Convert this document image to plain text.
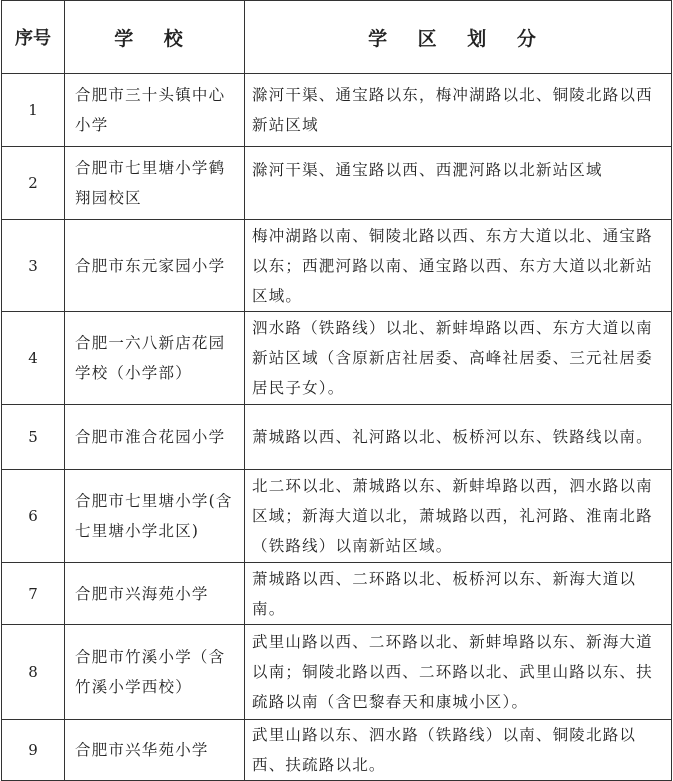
序号	学 校	学 区 划 分
1	合肥市三十头镇中心小学	滁河干渠、通宝路以东，梅冲湖路以北、铜陵北路以西新站区域
2	合肥市七里塘小学鹤翔园校区	滁河干渠、通宝路以西、西淝河路以北新站区域
3	合肥市东元家园小学	梅冲湖路以南、铜陵北路以西、东方大道以北、通宝路以东；西淝河路以南、通宝路以西、东方大道以北新站区域。
4	合肥一六八新店花园学校（小学部）	泗水路（铁路线）以北、新蚌埠路以西、东方大道以南新站区域（含原新店社居委、高峰社居委、三元社居委居民子女）。
5	合肥市淮合花园小学	萧城路以西、礼河路以北、板桥河以东、铁路线以南。
6	合肥市七里塘小学(含七里塘小学北区)	北二环以北、萧城路以东、新蚌埠路以西，泗水路以南区域；新海大道以北，萧城路以西，礼河路、淮南北路（铁路线）以南新站区域。
7	合肥市兴海苑小学	萧城路以西、二环路以北、板桥河以东、新海大道以南。
8	合肥市竹溪小学（含竹溪小学西校）	武里山路以西、二环路以北、新蚌埠路以东、新海大道以南；铜陵北路以西、二环路以北、武里山路以东、扶疏路以南（含巴黎春天和康城小区）。
9	合肥市兴华苑小学	武里山路以东、泗水路（铁路线）以南、铜陵北路以西、扶疏路以北。
